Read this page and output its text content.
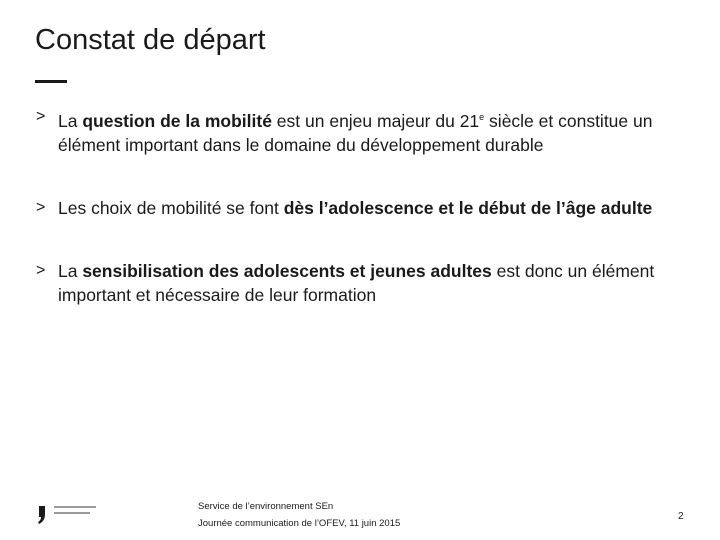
Constat de départ
> La question de la mobilité est un enjeu majeur du 21e siècle et constitue un élément important dans le domaine du développement durable
> Les choix de mobilité se font dès l’adolescence et le début de l’âge adulte
> La sensibilisation des adolescents et jeunes adultes est donc un élément important et nécessaire de leur formation
Service de l’environnement SEn
Journée communication de l’OFEV, 11 juin 2015
2
